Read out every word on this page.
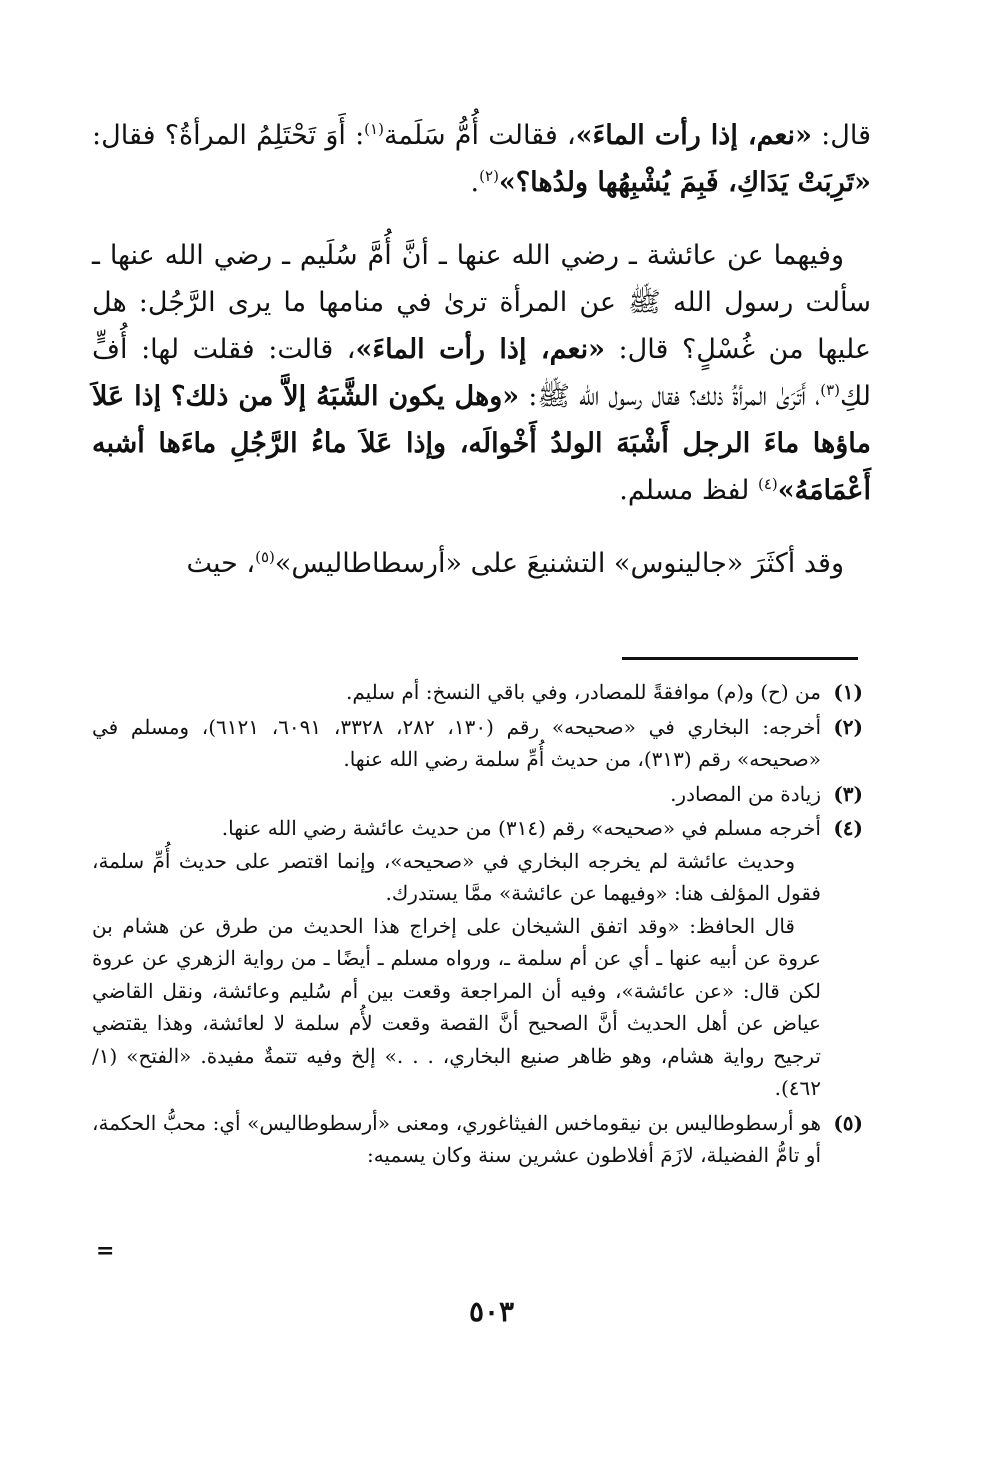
قال: «نعم، إذا رأت الماءَ»، فقالت أُمُّ سَلَمة$^{(١)}$: أَوَ تَحْتَلِمُ المرأةُ؟ فقال: «تَرِبَتْ يَدَاكِ، فَبِمَ يُشْبِهُها ولدُها؟»$^{(٢)}$.

 وفيهما عن عائشة ـ رضي الله عنها ـ أنَّ أُمَّ سُلَيم ـ رضي الله عنها ـ سألت رسول الله ﷺ عن المرأة ترىٰ في منامها ما يرى الرَّجُل: هل عليها من غُسْلٍ؟ قال: «نعم، إذا رأت الماءَ»، قالت: فقلت لها: أُفٍّ لكِ$^{(٣)}$، أَتَرَىٰ المرأةُ ذلك؟ فقال رسول الله ﷺ: «وهل يكون الشَّبَهُ إلاَّ من ذلك؟ إذا عَلاَ ماؤها ماءَ الرجل أَشْبَهَ الولدُ أَخْوالَه، وإذا عَلاَ ماءُ الرَّجُلِ ماءَها أشبه أَعْمَامَهُ»$^{(٤)}$ لفظ مسلم.

 وقد أكثَرَ «جالينوس» التشنيعَ على «أرسطاطاليس»$^{(٥)}$، حيث

(١)

من (ح) و(م) موافقةً للمصادر، وفي باقي النسخ: أم سليم.

(٢)

أخرجه: البخاري في «صحيحه» رقم (١٣٠، ٢٨٢، ٣٣٢٨، ٦٠٩١، ٦١٢١)، ومسلم في «صحيحه» رقم (٣١٣)، من حديث أُمِّ سلمة رضي الله عنها.

(٣)

زيادة من المصادر.

(٤)

أخرجه مسلم في «صحيحه» رقم (٣١٤) من حديث عائشة رضي الله عنها.

وحديث عائشة لم يخرجه البخاري في «صحيحه»، وإنما اقتصر على حديث أُمِّ سلمة، فقول المؤلف هنا: «وفيهما عن عائشة» ممَّا يستدرك.

قال الحافظ: «وقد اتفق الشيخان على إخراج هذا الحديث من طرق عن هشام بن عروة عن أبيه عنها ـ أي عن أم سلمة ـ، ورواه مسلم ـ أيضًا ـ من رواية الزهري عن عروة لكن قال: «عن عائشة»، وفيه أن المراجعة وقعت بين أم سُليم وعائشة، ونقل القاضي عياض عن أهل الحديث أنَّ الصحيح أنَّ القصة وقعت لأُم سلمة لا لعائشة، وهذا يقتضي ترجيح رواية هشام، وهو ظاهر صنيع البخاري، . . .» إلخ وفيه تتمةٌ مفيدة. «الفتح» (١/ ٤٦٢).

(٥)

هو أرسطوطاليس بن نيقوماخس الفيثاغوري، ومعنى «أرسطوطاليس» أي: محبُّ الحكمة، أو تامُّ الفضيلة، لازَمَ أفلاطون عشرين سنة وكان يسميه:

=
٥٠٣
